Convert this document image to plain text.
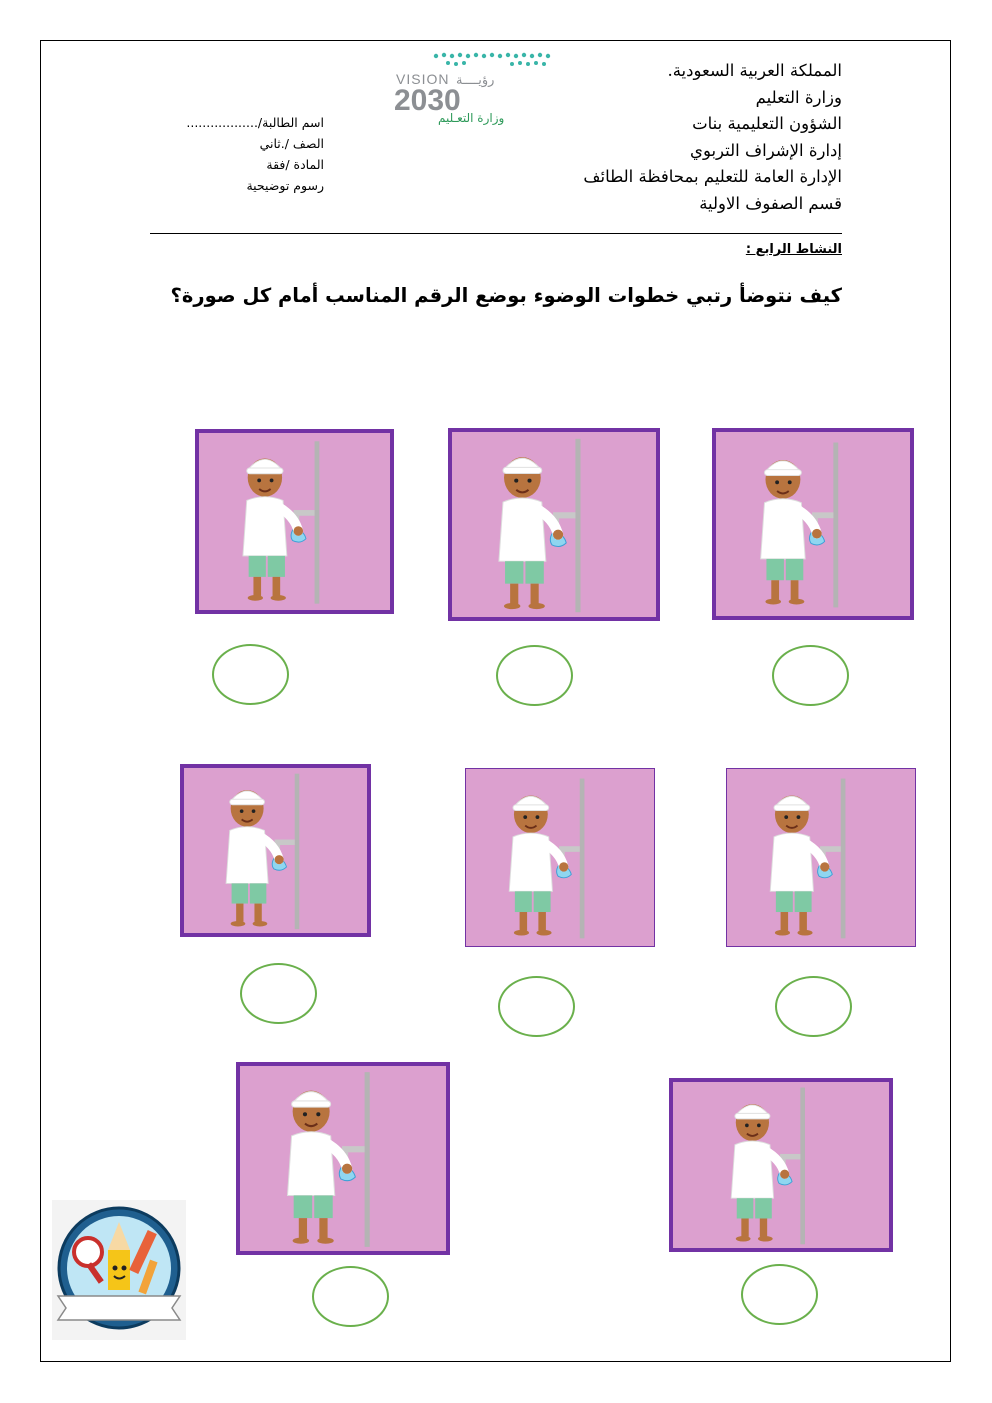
المملكة العربية السعودية.
وزارة التعليم
الشؤون التعليمية بنات
إدارة الإشراف التربوي
الإدارة العامة للتعليم بمحافظة الطائف
قسم الصفوف الاولية
VISION رؤيــــة
2030
وزارة التعـليم
اسم الطالبة/..................
الصف /.ثاني
المادة /فقة
رسوم توضيحية
النشاط الرابع :
كيف نتوضأ رتبي خطوات الوضوء بوضع الرقم المناسب أمام كل صورة؟
